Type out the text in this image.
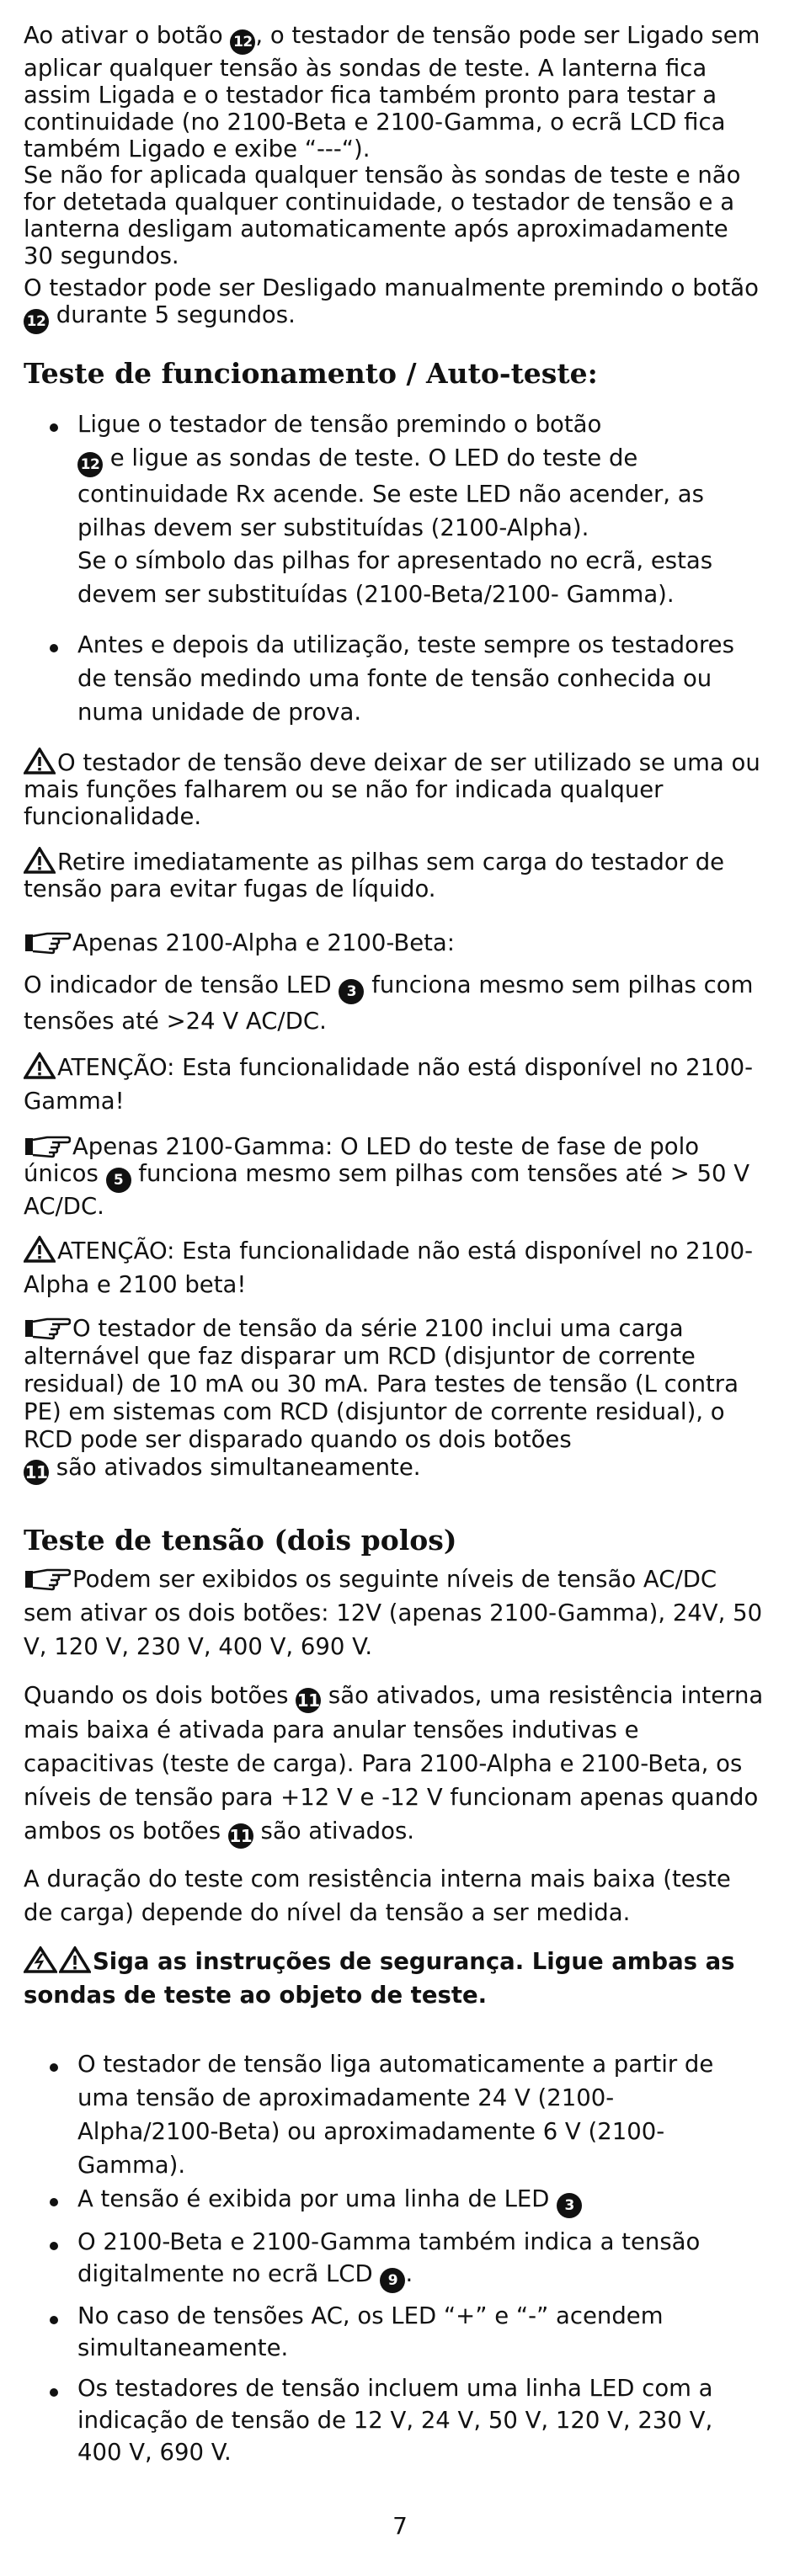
Ao ativar o botão 12 , o testador de tensão pode ser Ligado sem aplicar qualquer tensão às sondas de teste. A lanterna fica assim Ligada e o testador fica também pronto para testar a continuidade (no 2100-Beta e 2100-Gamma, o ecrã LCD fica também Ligado e exibe “---“).

Se não for aplicada qualquer tensão às sondas de teste e não for detetada qualquer continuidade, o testador de tensão e a lanterna desligam automaticamente após aproximadamente 30 segundos.

O testador pode ser Desligado manualmente premindo o botão 12 durante 5 segundos.

Teste de funcionamento / Auto-teste:

Ligue o testador de tensão premindo o botão
12 e ligue as sondas de teste. O LED do teste de continuidade Rx acende. Se este LED não acender, as pilhas devem ser substituídas (2100-Alpha).

Se o símbolo das pilhas for apresentado no ecrã, estas devem ser substituídas (2100-Beta/2100- Gamma).

Antes e depois da utilização, teste sempre os testadores de tensão medindo uma fonte de tensão conhecida ou numa unidade de prova.

O testador de tensão deve deixar de ser utilizado se uma ou mais funções falharem ou se não for indicada qualquer funcionalidade.

Retire imediatamente as pilhas sem carga do testador de tensão para evitar fugas de líquido.

Apenas 2100-Alpha e 2100-Beta:

O indicador de tensão LED 3 funciona mesmo sem pilhas com tensões até >24 V AC/DC.

ATENÇÃO: Esta funcionalidade não está disponível no 2100-Gamma!

Apenas 2100-Gamma: O LED do teste de fase de polo únicos 5 funciona mesmo sem pilhas com tensões até > 50 V AC/DC.

ATENÇÃO: Esta funcionalidade não está disponível no 2100-Alpha e 2100 beta!

O testador de tensão da série 2100 inclui uma carga alternável que faz disparar um RCD (disjuntor de corrente residual) de 10 mA ou 30 mA. Para testes de tensão (L contra PE) em sistemas com RCD (disjuntor de corrente residual), o RCD pode ser disparado quando os dois botões
11 são ativados simultaneamente.

Teste de tensão (dois polos)

Podem ser exibidos os seguinte níveis de tensão AC/DC sem ativar os dois botões: 12V (apenas 2100-Gamma), 24V, 50 V, 120 V, 230 V, 400 V, 690 V.

Quando os dois botões 11 são ativados, uma resistência interna mais baixa é ativada para anular tensões indutivas e capacitivas (teste de carga). Para 2100-Alpha e 2100-Beta, os níveis de tensão para +12 V e -12 V funcionam apenas quando ambos os botões 11 são ativados.

A duração do teste com resistência interna mais baixa (teste de carga) depende do nível da tensão a ser medida.

Siga as instruções de segurança. Ligue ambas as sondas de teste ao objeto de teste.

O testador de tensão liga automaticamente a partir de uma tensão de aproximadamente 24 V (2100-Alpha/2100-Beta) ou aproximadamente 6 V (2100-Gamma).

A tensão é exibida por uma linha de LED 3

O 2100-Beta e 2100-Gamma também indica a tensão digitalmente no ecrã LCD 9 .

No caso de tensões AC, os LED “+” e “-” acendem simultaneamente.

Os testadores de tensão incluem uma linha LED com a indicação de tensão de 12 V, 24 V, 50 V, 120 V, 230 V, 400 V, 690 V.

7
